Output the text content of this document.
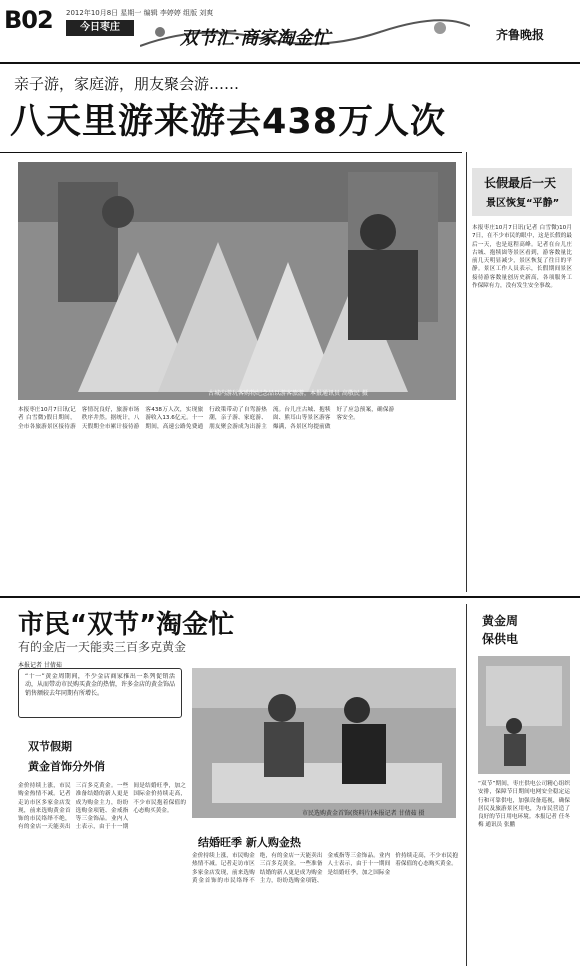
B02 2012年10月8日 星期一 编辑 李婷婷 组版 刘爽
今日枣庄
双节汇·商家淘金忙	齐鲁晚报
亲子游，家庭游，朋友聚会游……
八天里游来游去438万人次
古城内游玩客购物纪念品以游客旅游，本报通讯员 高敬民 摄
本报枣庄10月7日讯(记者 白雪微)假日期间，全市各旅游景区接待游客情况良好，旅游市场秩序井然。据统计，八天假期全市累计接待游客438万人次，实现旅游收入13.6亿元。十一期间，高速公路免费通行政策带动了自驾游热潮，亲子游、家庭游、朋友聚会游成为出游主流。台儿庄古城、抱犊崮、熊耳山等景区游客爆满，各景区均提前做好了应急预案，确保游客安全。
长假最后一天
景区恢复“平静”
本报枣庄10月7日讯(记者 白雪微)10月7日，在不少市民的眼中，这是长假的最后一天，也是返程高峰。记者在台儿庄古城、抱犊崮等景区看到，游客数量比前几天明显减少，景区恢复了往日的平静。景区工作人员表示，长假期间景区接待游客数量创历史新高，各项服务工作保障有力，没有发生安全事故。
市民“双节”淘金忙
有的金店一天能卖三百多克黄金
本报记者 甘倩茹
“十一”黄金周期间，不少金店商家推出一系列促销活动，从而带动市民购买黄金的热情，许多金店的黄金饰品销售额较去年同期有所增长。
双节假期
黄金首饰分外俏
市民选购黄金首饰(资料片)本报记者 甘倩茹 摄
结婚旺季 新人购金热
金价持续上涨，市民购金热情不减。记者走访市区多家金店发现，前来选购黄金首饰的市民络绎不绝，有的金店一天能卖出三百多克黄金。一些准备结婚的新人更是成为购金主力，纷纷选购金项链、金戒指等三金饰品。业内人士表示，由于十一期间是结婚旺季，加之国际金价持续走高，不少市民抱着保值的心态购买黄金。
金价持续上涨，市民购金热情不减。记者走访市区多家金店发现，前来选购黄金首饰的市民络绎不绝，有的金店一天能卖出三百多克黄金。一些准备结婚的新人更是成为购金主力，纷纷选购金项链、金戒指等三金饰品。业内人士表示，由于十一期间是结婚旺季，加之国际金价持续走高，不少市民抱着保值的心态购买黄金。
黄金周
保供电
“双节”期间，枣庄供电公司精心组织安排，保障节日期间电网安全稳定运行和可靠供电，加强设备巡视，确保居民及旅游景区用电，为市民营造了良好的节日用电环境。本报记者 任冬梅 通讯员 张鹏
